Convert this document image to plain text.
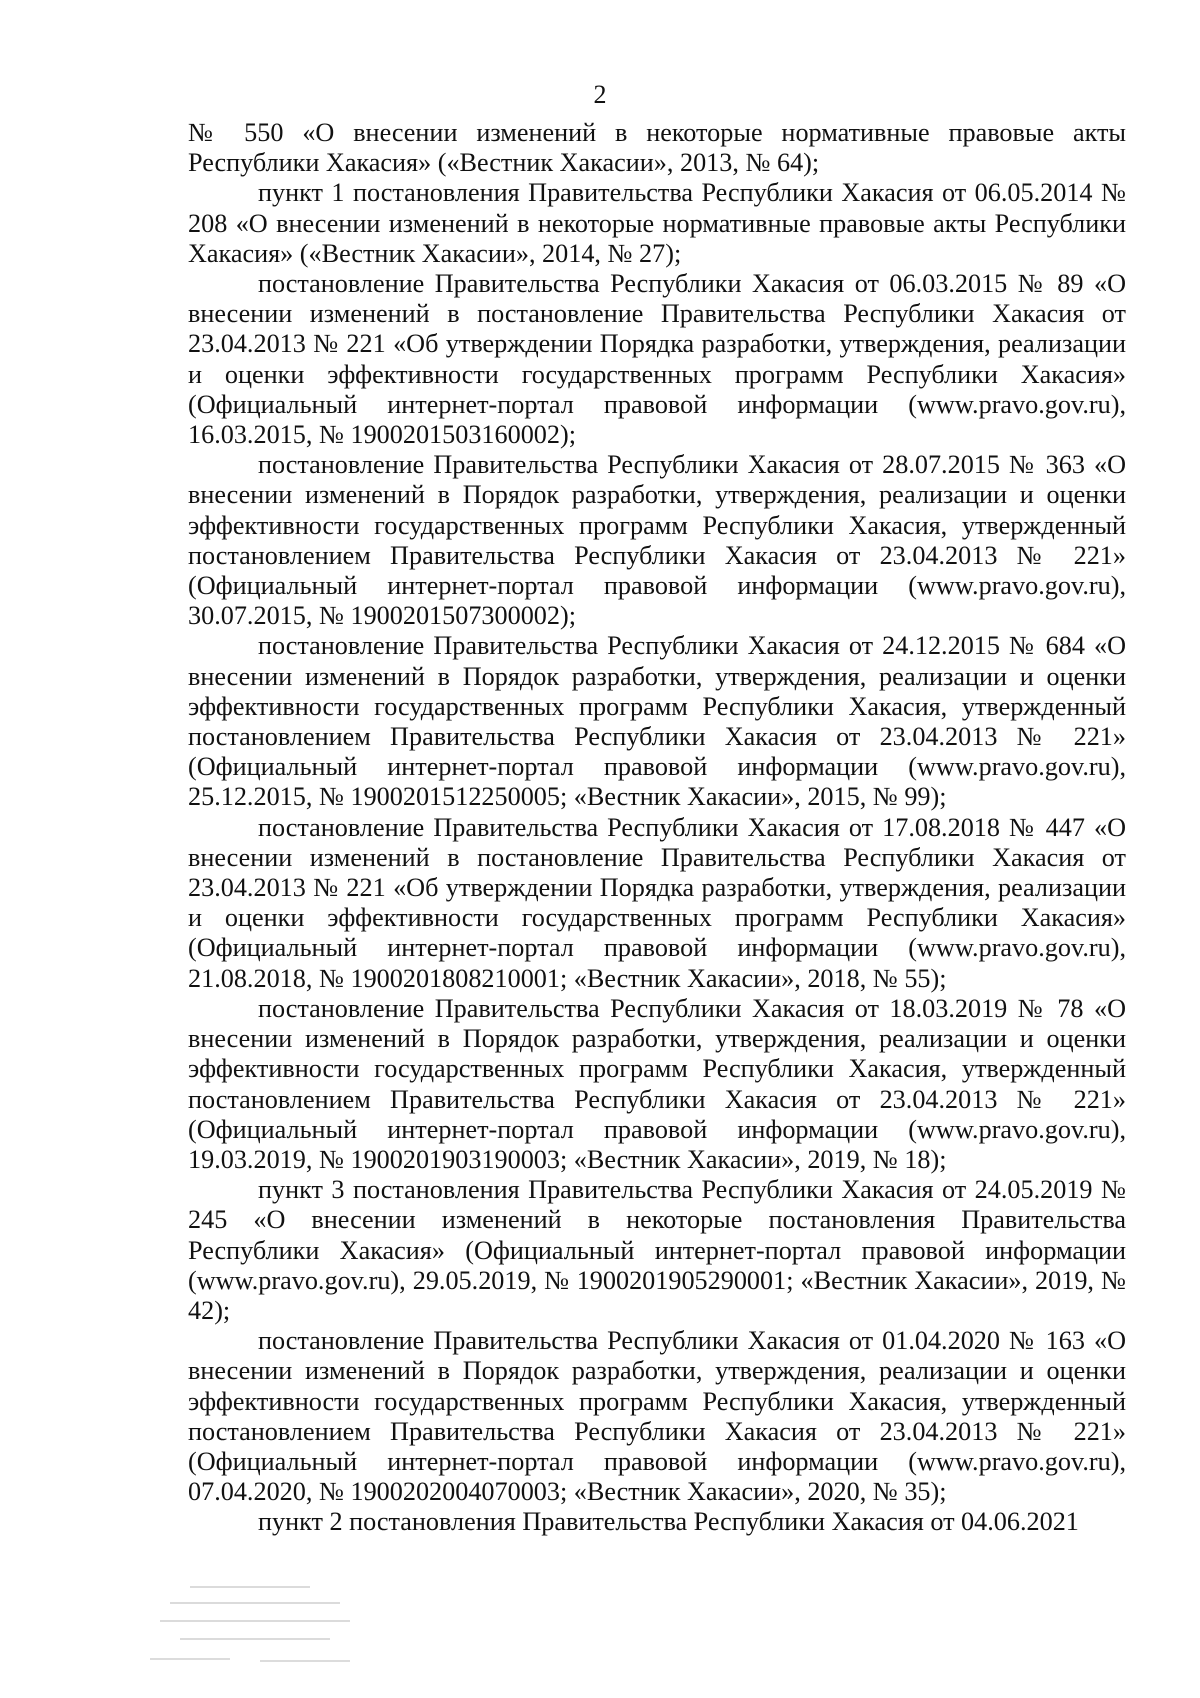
2

№ 550 «О внесении изменений в некоторые нормативные правовые акты Республики Хакасия» («Вестник Хакасии», 2013, № 64);

пункт 1 постановления Правительства Республики Хакасия от 06.05.2014 № 208 «О внесении изменений в некоторые нормативные правовые акты Республики Хакасия» («Вестник Хакасии», 2014, № 27);

постановление Правительства Республики Хакасия от 06.03.2015 № 89 «О внесении изменений в постановление Правительства Республики Хакасия от 23.04.2013 № 221 «Об утверждении Порядка разработки, утверждения, реализации и оценки эффективности государственных программ Республики Хакасия» (Официальный интернет-портал правовой информации (www.pravo.gov.ru), 16.03.2015, № 1900201503160002);

постановление Правительства Республики Хакасия от 28.07.2015 № 363 «О внесении изменений в Порядок разработки, утверждения, реализации и оценки эффективности государственных программ Республики Хакасия, утвержденный постановлением Правительства Республики Хакасия от 23.04.2013 № 221» (Официальный интернет-портал правовой информации (www.pravo.gov.ru), 30.07.2015, № 1900201507300002);

постановление Правительства Республики Хакасия от 24.12.2015 № 684 «О внесении изменений в Порядок разработки, утверждения, реализации и оценки эффективности государственных программ Республики Хакасия, утвержденный постановлением Правительства Республики Хакасия от 23.04.2013 № 221» (Официальный интернет-портал правовой информации (www.pravo.gov.ru), 25.12.2015, № 1900201512250005; «Вестник Хакасии», 2015, № 99);

постановление Правительства Республики Хакасия от 17.08.2018 № 447 «О внесении изменений в постановление Правительства Республики Хакасия от 23.04.2013 № 221 «Об утверждении Порядка разработки, утверждения, реализации и оценки эффективности государственных программ Республики Хакасия» (Официальный интернет-портал правовой информации (www.pravo.gov.ru), 21.08.2018, № 1900201808210001; «Вестник Хакасии», 2018, № 55);

постановление Правительства Республики Хакасия от 18.03.2019 № 78 «О внесении изменений в Порядок разработки, утверждения, реализации и оценки эффективности государственных программ Республики Хакасия, утвержденный постановлением Правительства Республики Хакасия от 23.04.2013 № 221» (Официальный интернет-портал правовой информации (www.pravo.gov.ru), 19.03.2019, № 1900201903190003; «Вестник Хакасии», 2019, № 18);

пункт 3 постановления Правительства Республики Хакасия от 24.05.2019 № 245 «О внесении изменений в некоторые постановления Правительства Республики Хакасия» (Официальный интернет-портал правовой информации (www.pravo.gov.ru), 29.05.2019, № 1900201905290001; «Вестник Хакасии», 2019, № 42);

постановление Правительства Республики Хакасия от 01.04.2020 № 163 «О внесении изменений в Порядок разработки, утверждения, реализации и оценки эффективности государственных программ Республики Хакасия, утвержденный постановлением Правительства Республики Хакасия от 23.04.2013 № 221» (Официальный интернет-портал правовой информации (www.pravo.gov.ru), 07.04.2020, № 1900202004070003; «Вестник Хакасии», 2020, № 35);

пункт 2 постановления Правительства Республики Хакасия от 04.06.2021
